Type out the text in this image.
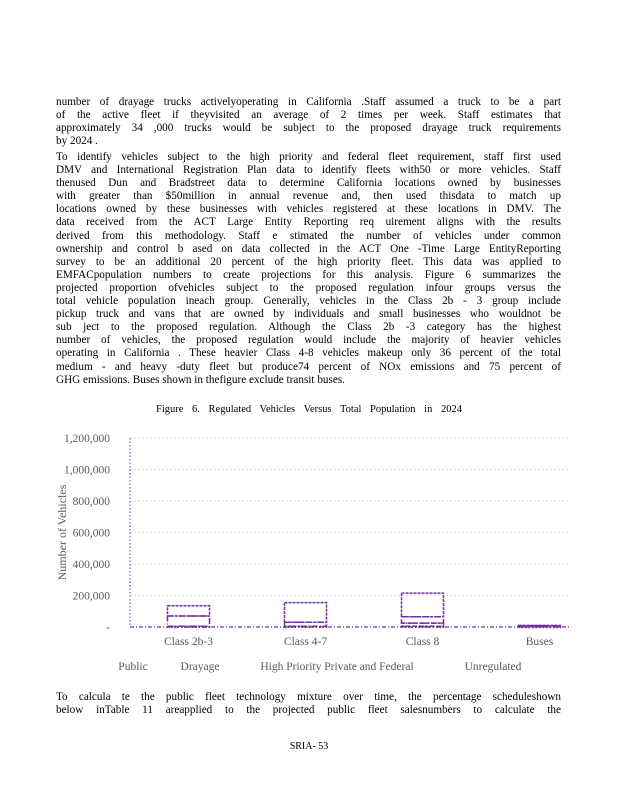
number of drayage trucks activelyoperating in California .Staff assumed a truck to be a part
of the active fleet if theyvisited an average of 2 times per week. Staff estimates that
approximately 34 ,000 trucks would be subject to the proposed drayage truck requirements
by 2024 .
To identify vehicles subject to the high priority and federal fleet requirement, staff first used
DMV and International Registration Plan data to identify fleets with50 or more vehicles. Staff
thenused Dun and Bradstreet data to determine California locations owned by businesses
with greater than $50million in annual revenue and, then used thisdata to match up
locations owned by these businesses with vehicles registered at these locations in DMV. The
data received from the ACT Large Entity Reporting req uirement aligns with the results
derived from this methodology. Staff e stimated the number of vehicles under common
ownership and control b ased on data collected in the ACT One -Time Large EntityReporting
survey to be an additional 20 percent of the high priority fleet. This data was applied to
EMFACpopulation numbers to create projections for this analysis. Figure 6 summarizes the
projected proportion ofvehicles subject to the proposed regulation infour groups versus the
total vehicle population ineach group. Generally, vehicles in the Class 2b - 3 group include
pickup truck and vans that are owned by individuals and small businesses who wouldnot be
sub ject to the proposed regulation. Although the Class 2b -3 category has the highest
number of vehicles, the proposed regulation would include the majority of heavier vehicles
operating in California . These heavier Class 4-8 vehicles makeup only 36 percent of the total
medium - and heavy -duty fleet but produce74 percent of NOx emissions and 75 percent of
GHG emissions. Buses shown in thefigure exclude transit buses.
To calcula te the public fleet technology mixture over time, the percentage scheduleshown
below inTable 11 areapplied to the projected public fleet salesnumbers to calculate the
Figure 6. Regulated Vehicles Versus Total Population in 2024
-
200,000
400,000
600,000
800,000
1,000,000
1,200,000
Number of Vehicles
Class 2b-3	Class 4-7	Class 8	Buses
Public	Drayage	High Priority Private and Federal	Unregulated
SRIA- 53
